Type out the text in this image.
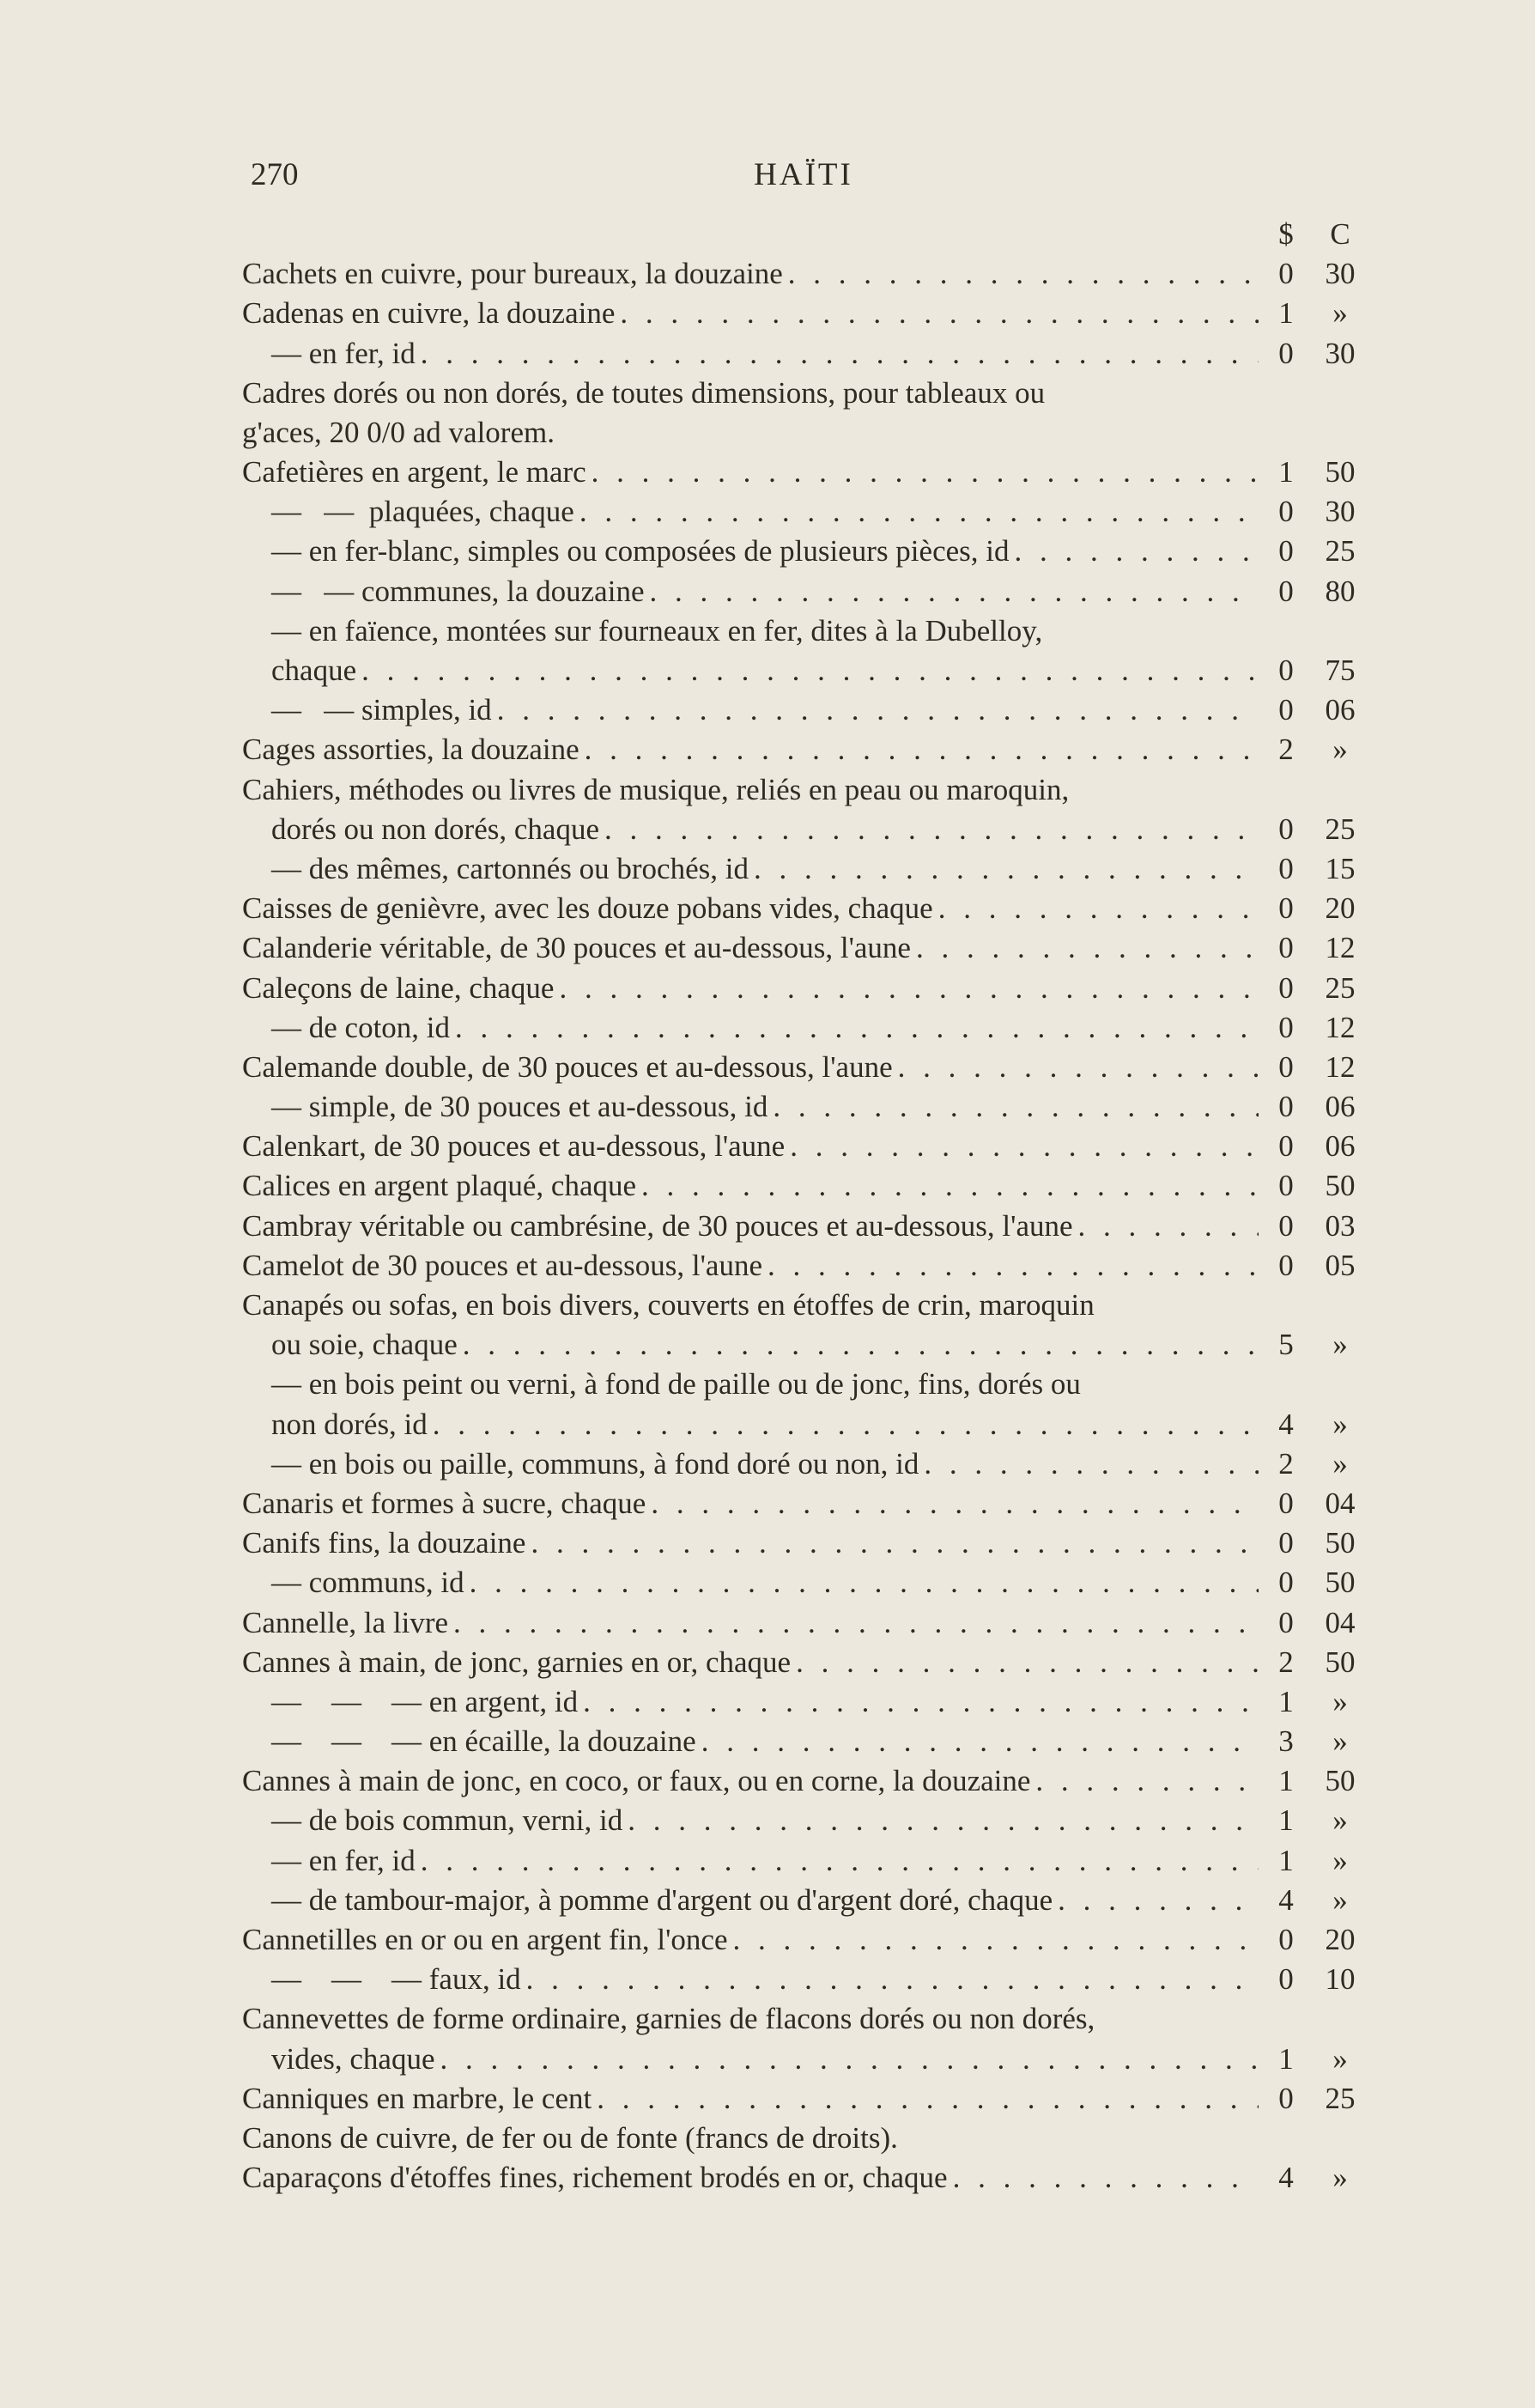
270	HAÏTI
$	C
Cachets en cuivre, pour bureaux, la douzaine . . .	0	30
Cadenas en cuivre, la douzaine . . .	1	»
— en fer, id . . .	0	30
Cadres dorés ou non dorés, de toutes dimensions, pour tableaux ou
g'aces, 20 0/0 ad valorem.
Cafetières en argent, le marc . . .	1	50
—   —  plaquées, chaque . . .	0	30
— en fer-blanc, simples ou composées de plusieurs pièces, id . . .	0	25
—   — communes, la douzaine . . .	0	80
— en faïence, montées sur fourneaux en fer, dites à la Dubelloy,
chaque . . .	0	75
—   — simples, id . . .	0	06
Cages assorties, la douzaine . . .	2	»
Cahiers, méthodes ou livres de musique, reliés en peau ou maroquin,
dorés ou non dorés, chaque . . .	0	25
— des mêmes, cartonnés ou brochés, id . . .	0	15
Caisses de genièvre, avec les douze pobans vides, chaque . . .	0	20
Calanderie véritable, de 30 pouces et au-dessous, l'aune . . .	0	12
Caleçons de laine, chaque . . .	0	25
— de coton, id . . .	0	12
Calemande double, de 30 pouces et au-dessous, l'aune . . .	0	12
— simple, de 30 pouces et au-dessous, id . . .	0	06
Calenkart, de 30 pouces et au-dessous, l'aune . . .	0	06
Calices en argent plaqué, chaque . . .	0	50
Cambray véritable ou cambrésine, de 30 pouces et au-dessous, l'aune . . .	0	03
Camelot de 30 pouces et au-dessous, l'aune . . .	0	05
Canapés ou sofas, en bois divers, couverts en étoffes de crin, maroquin
ou soie, chaque . . .	5	»
— en bois peint ou verni, à fond de paille ou de jonc, fins, dorés ou
non dorés, id . . .	4	»
— en bois ou paille, communs, à fond doré ou non, id . . .	2	»
Canaris et formes à sucre, chaque . . .	0	04
Canifs fins, la douzaine . . .	0	50
— communs, id . . .	0	50
Cannelle, la livre . . .	0	04
Cannes à main, de jonc, garnies en or, chaque . . .	2	50
—    —    — en argent, id . . .	1	»
—    —    — en écaille, la douzaine . . .	3	»
Cannes à main de jonc, en coco, or faux, ou en corne, la douzaine . . .	1	50
— de bois commun, verni, id . . .	1	»
— en fer, id . . .	1	»
— de tambour-major, à pomme d'argent ou d'argent doré, chaque . . .	4	»
Cannetilles en or ou en argent fin, l'once . . .	0	20
—    —    — faux, id . . .	0	10
Cannevettes de forme ordinaire, garnies de flacons dorés ou non dorés,
vides, chaque . . .	1	»
Canniques en marbre, le cent . . .	0	25
Canons de cuivre, de fer ou de fonte (francs de droits).
Caparaçons d'étoffes fines, richement brodés en or, chaque . . .	4	»
